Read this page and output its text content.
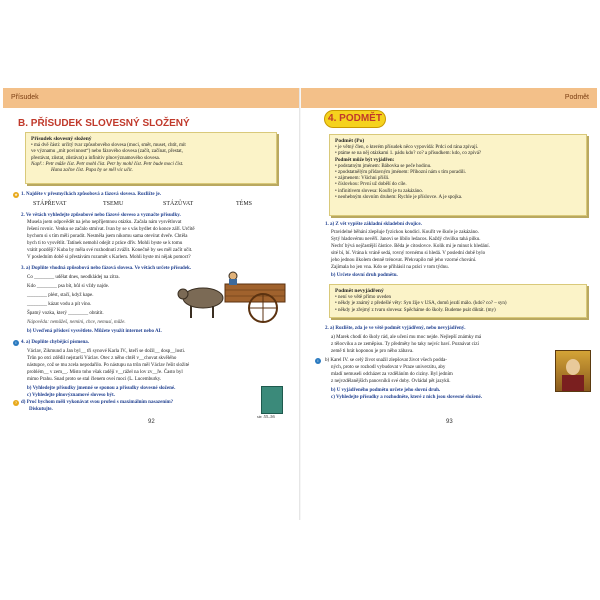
Přísudek
B. PŘÍSUDEK SLOVESNÝ SLOŽENÝ
Přísudek slovesný složený
• má dvě části: určitý tvar způsobového slovesa (moci, smět, muset, chtít, mít
ve významu „mít povinnost“) nebo fázového slovesa (začít, začínat, přestat,
přestávat, zůstat, zůstávat) a infinitiv plnovýznamového slovesa.
Např.: Petr může číst. Petr mohl číst. Petr by mohl číst. Petr bude moci číst.
Hana začne číst. Papa by se měl vic učit.
★ 1. Najděte v přesmyčkách způsobová a fázová slovesa. Rozližte je.
STÁPŘEVAT	TSEMU	STÁZŮVAT	TÉMS
2. Ve větách vyhledejte způsobové nebo fázové sloveso a vyznačte přísudky.
Musela jsem odpovědět na jeho nepříjemnou otázku. Začala nám vysvětlovat
řešení rovnic. Venku se začalo stmívat. Ivan by se s vás bydlet do konce září. Určitě
bychom si s tím měli poradit. Nesměla jsem nikomu sama otevírat dveře. Chtěla
bych ti to vysvětlit. Tatínek nemohl odejít z práce dřív. Mohli byste se k tomu
vrátit později? Kuba by měla své rozhodnutí zvážit. Konečně by ses měl začít učit.
V posledním době si přestávám rozumět s Karlem. Mohli byste mi nějak pomoct?
3. a) Doplňte vhodná způsobová nebo fázová slovesa. Ve větách určete přísudek.
Co ________ udělat dnes, neodkládej na zítra.
Kdo ________ psa bít, hůl si vždy najde.
________ plést, stačí, když kape.
________ kázat vodu a pít víno.
Špatný vozka, který ________ obrátit.
Nápověda: nemůžeš, nemini, chce, nemusí, může.
b) Uveďená přísloví vysvětlete. Můžete využít internet nebo AI.
i 4. a) Doplňte chybějící písmena.
Václav, Zikmund a Jan byl__ tři synové Karla IV., kteří se dožil__ dosp__losti.
Trůn po otci zdědil nejstarší Václav. Otec z něho chtěl v__chovat skvělého
nástupce, což se mu zcela nepodařilo. Po nástupu na trůn měl Václav řešit složité
problém__ v zem__. Místo toho však radějí v__rážel na lov zv__ře. Často byl
mimo Prahu. Snad proto se stal členem oveí moci (L. Lucemburky.
b) Vyhledejte přísudky jmenné se sponou a přísudky slovesné složené.
c) Vyhledejte plnovýznamové sloveso být.
? d) Proč bychom měli vykonávat svou profesi s maximálním nasazením?
Diskutujte.
str. 55–56
92
Podmět
4. PODMĚT
Podmět (Po)
• je větný člen, o kterém přísudek něco vypovídá: Prdci od rána zpívají.
• ptáme se na něj otázkami 1. pádu kdo? co? a přísudkem: kdo, co zpívá?
Podmět může být vyjádřen:
• podstatným jménem: Bábovka se peče hodinu.
• zpodstatnělým přídavným jménem: Přihozní nám s tím poradili.
• zájmenem: Všichni přišli.
• číslovkou: První už dobělí do cíle.
• infinitivem slovesa: Kouřit je tu zakázáno.
• neohebným slovním druhem: Rychle je příslovce. A je spojka.
1. a) Z vět vypište základní skladební dvojice.
Pravidelné běhání zlepšuje fyzickou kondici. Kouřit ve škole je zakázáno.
Sytý hladovému nevěří. Janovi se líbilo ledacos. Každý chvilku tahá pilku.
Nechť bývá nejčastější částice. Běda je citoslovce. Kolik mi je minut k hledání.
sité bí, bí. Vrána k vráně sedá, rovný rovnému si hledá. V poslední době bylo
jeho jednou ílkolem denně trénovat. Překvapilo mě jeho vzorné chování.
Zajímala ho jen vna. Kdo se přihlásil na práci v tom týdnu.
b) Určete slovní druh podmětu.
Podmět nevyjádřený
• není ve větě přímo uveden
• někdy je známý z předešlé věty: Syn žije v USA, domů jezdí málo. (kdo? co? – syn)
• někdy je zřejmý z tvaru slovesa: Spěcháme do školy. Budeme psát diktát. (my)
2. a) Rozlište, zda je ve větě podmět vyjádřený, nebo nevyjádřený.
a) Marek chodí do školy rád, ale učení mu moc nejde. Nejlepší známky má
z tělocviku a ze zeměpisu. Ty předměty ho taky nejvíc baví. Poznávat cizí
země ti hrát koponou je pro něho zábava.
i	b) Karel IV. se celý život snažil zlepšovat život všech podda-
ných, proto se rozhodl vybudovat v Praze univerzitu, aby
mladí nemuseli odcházet za vzděláním do ciziny. Byl jedním
z nejvzdělanějších panovníků své doby. Ovládal pět jazyků.
b) U vyjádřeného podmětu určete jeho slovní druh.
c) Vyhledejte přísudky a rozhodněte, které z nich jsou slovesné složené.
93
